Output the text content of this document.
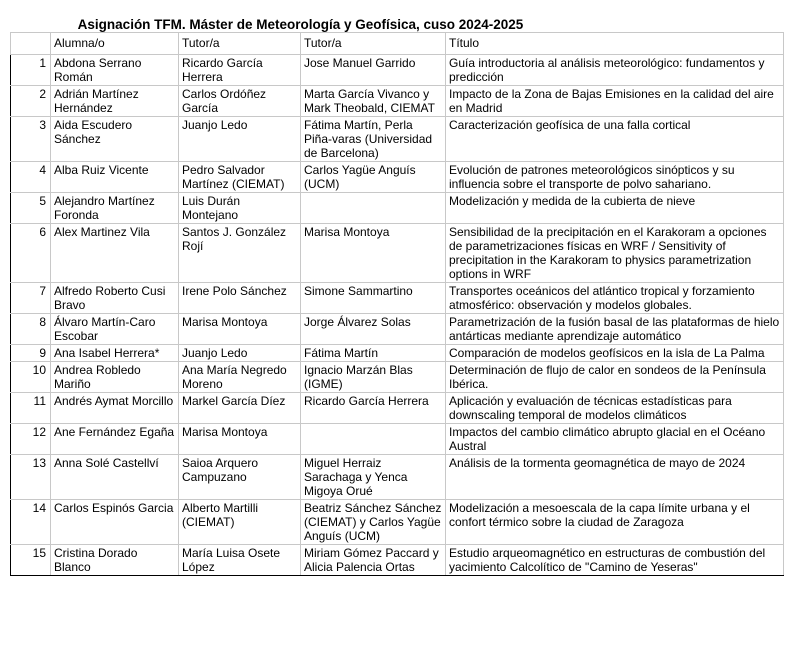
Asignación TFM. Máster de Meteorología y Geofísica, cuso 2024-2025				

	Alumna/o	Tutor/a	Tutor/a	Título
1	Abdona Serrano Román	Ricardo García Herrera	Jose Manuel Garrido	Guía introductoria al análisis meteorológico: fundamentos y predicción
2	Adrián Martínez Hernández	Carlos Ordóñez García	Marta García Vivanco y Mark Theobald, CIEMAT	Impacto de la Zona de Bajas Emisiones en la calidad del aire en Madrid
3	Aida Escudero Sánchez	Juanjo Ledo	Fátima Martín, Perla Piña-varas (Universidad de Barcelona)	Caracterización geofísica de una falla cortical
4	Alba Ruiz Vicente	Pedro Salvador Martínez (CIEMAT)	Carlos Yagüe Anguís (UCM)	Evolución de patrones meteorológicos sinópticos y su influencia sobre el transporte de polvo sahariano.
5	Alejandro Martínez Foronda	Luis Durán Montejano		Modelización y medida de la cubierta de nieve
6	Alex Martinez Vila	Santos J. González Rojí	Marisa Montoya	Sensibilidad de la precipitación en el Karakoram a opciones de parametrizaciones físicas en WRF / Sensitivity of precipitation in the Karakoram to physics parametrization options in WRF
7	Alfredo Roberto Cusi Bravo	Irene Polo Sánchez	Simone Sammartino	Transportes oceánicos del atlántico tropical y forzamiento atmosférico: observación y modelos globales.
8	Álvaro Martín-Caro Escobar	Marisa Montoya	Jorge Álvarez Solas	Parametrización de la fusión basal de las plataformas de hielo antárticas mediante aprendizaje automático
9	Ana Isabel Herrera*	Juanjo Ledo	Fátima Martín	Comparación de modelos geofísicos en la isla de La Palma
10	Andrea Robledo Mariño	Ana María Negredo Moreno	Ignacio Marzán Blas (IGME)	Determinación de flujo de calor en sondeos de la Península Ibérica.
11	Andrés Aymat Morcillo	Markel García Díez	Ricardo García Herrera	Aplicación y evaluación de técnicas estadísticas para downscaling temporal de modelos climáticos
12	Ane Fernández Egaña	Marisa Montoya		Impactos del cambio climático abrupto glacial en el Océano Austral
13	Anna Solé Castellví	Saioa Arquero Campuzano	Miguel Herraiz Sarachaga y Yenca Migoya Orué	Análisis de la tormenta geomagnética de mayo de 2024
14	Carlos Espinós Garcia	Alberto Martilli (CIEMAT)	Beatriz Sánchez Sánchez (CIEMAT) y Carlos Yagüe Anguís (UCM)	Modelización a mesoescala de la capa límite urbana y el confort térmico sobre la ciudad de Zaragoza
15	Cristina Dorado Blanco	María Luisa Osete López	Miriam Gómez Paccard y Alicia Palencia Ortas	Estudio arqueomagnético en estructuras de combustión del yacimiento Calcolítico de "Camino de Yeseras"
